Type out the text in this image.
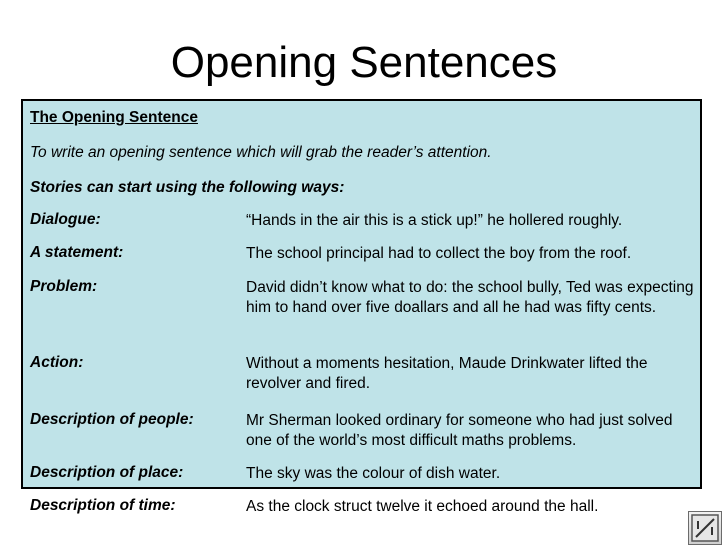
Opening Sentences
The Opening Sentence
To write an opening sentence which will grab the reader’s attention.
Stories can start using the following ways:
Dialogue:	“Hands in the air this is a stick up!” he hollered roughly.
A statement:	The school principal had to collect the boy from the roof.
Problem:	David didn’t know what to do: the school bully, Ted was expecting him to hand over five doallars and all he had was fifty cents.
Action:	Without a moments hesitation, Maude Drinkwater lifted the revolver and fired.
Description of people:	Mr Sherman looked ordinary for someone who had just solved one of the world’s most difficult maths problems.
Description of place:	The sky was the colour of dish water.
Description of time:	As the clock struct twelve it echoed around the hall.
